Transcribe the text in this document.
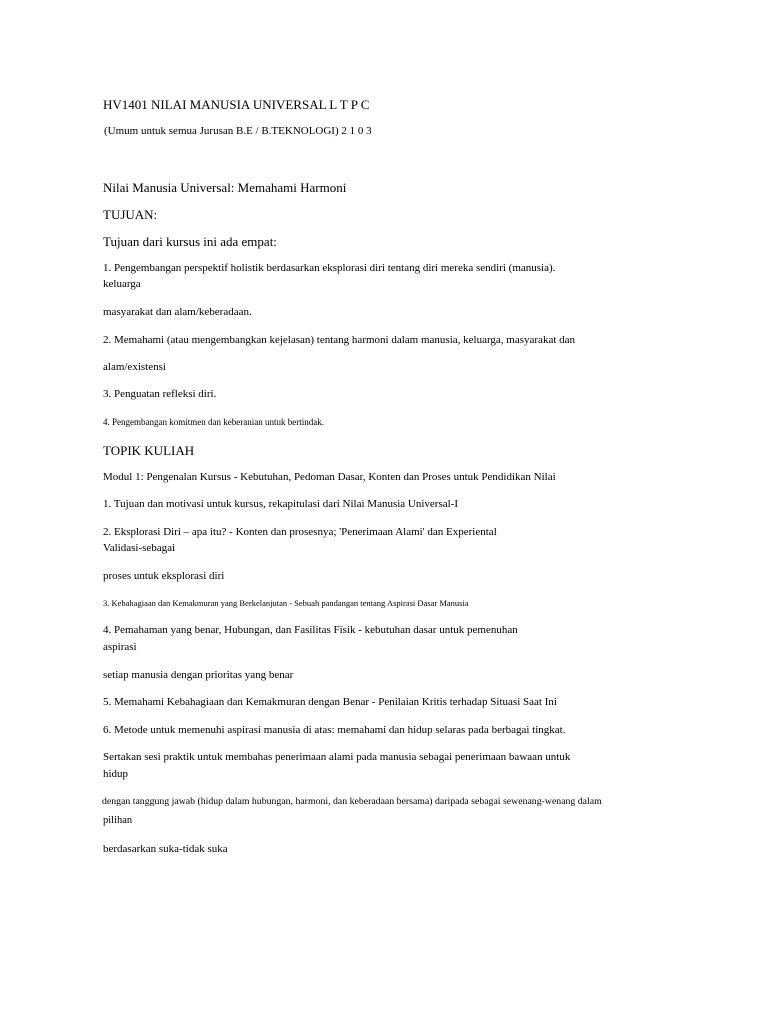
HV1401 NILAI MANUSIA UNIVERSAL L T P C
(Umum untuk semua Jurusan B.E / B.TEKNOLOGI) 2 1 0 3
Nilai Manusia Universal: Memahami Harmoni
TUJUAN:
Tujuan dari kursus ini ada empat:
1. Pengembangan perspektif holistik berdasarkan eksplorasi diri tentang diri mereka sendiri (manusia).
keluarga
masyarakat dan alam/keberadaan.
2. Memahami (atau mengembangkan kejelasan) tentang harmoni dalam manusia, keluarga, masyarakat dan
alam/existensi
3. Penguatan refleksi diri.
4. Pengembangan komitmen dan keberanian untuk bertindak.
TOPIK KULIAH
Modul 1: Pengenalan Kursus - Kebutuhan, Pedoman Dasar, Konten dan Proses untuk Pendidikan Nilai
1. Tujuan dan motivasi untuk kursus, rekapitulasi dari Nilai Manusia Universal-I
2. Eksplorasi Diri – apa itu? - Konten dan prosesnya; 'Penerimaan Alami' dan Experiental
Validasi-sebagai
proses untuk eksplorasi diri
3. Kebahagiaan dan Kemakmuran yang Berkelanjutan - Sebuah pandangan tentang Aspirasi Dasar Manusia
4. Pemahaman yang benar, Hubungan, dan Fasilitas Fisik - kebutuhan dasar untuk pemenuhan
aspirasi
setiap manusia dengan prioritas yang benar
5. Memahami Kebahagiaan dan Kemakmuran dengan Benar - Penilaian Kritis terhadap Situasi Saat Ini
6. Metode untuk memenuhi aspirasi manusia di atas: memahami dan hidup selaras pada berbagai tingkat.
Sertakan sesi praktik untuk membahas penerimaan alami pada manusia sebagai penerimaan bawaan untuk
hidup
dengan tanggung jawab (hidup dalam hubungan, harmoni, dan keberadaan bersama) daripada sebagai sewenang-wenang dalam
pilihan
berdasarkan suka-tidak suka
